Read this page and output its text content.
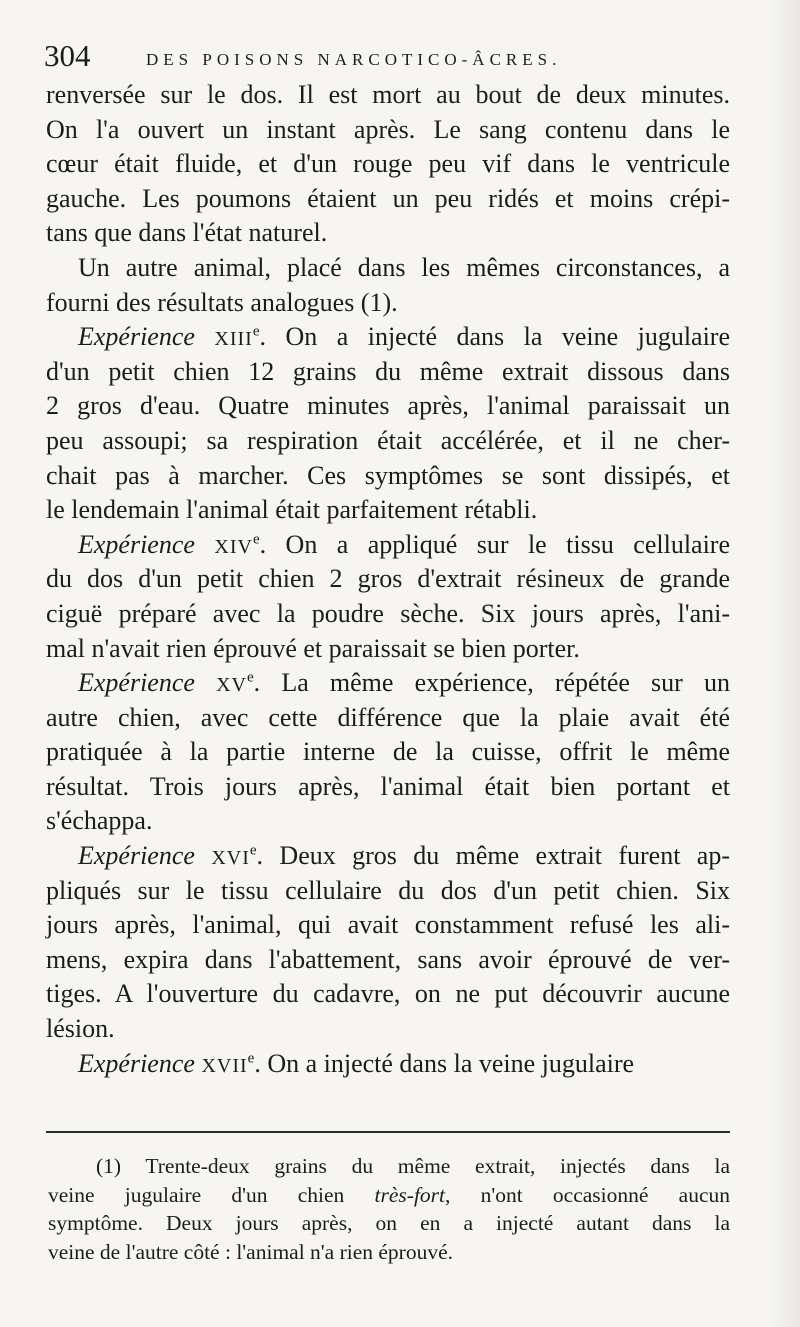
304	DES POISONS NARCOTICO-ÂCRES.
renversée sur le dos. Il est mort au bout de deux minutes.
On l'a ouvert un instant après. Le sang contenu dans le
cœur était fluide, et d'un rouge peu vif dans le ventricule
gauche. Les poumons étaient un peu ridés et moins crépi-
tans que dans l'état naturel.
Un autre animal, placé dans les mêmes circonstances, a
fourni des résultats analogues (1).
Expérience XIIIe. On a injecté dans la veine jugulaire
d'un petit chien 12 grains du même extrait dissous dans
2 gros d'eau. Quatre minutes après, l'animal paraissait un
peu assoupi; sa respiration était accélérée, et il ne cher-
chait pas à marcher. Ces symptômes se sont dissipés, et
le lendemain l'animal était parfaitement rétabli.
Expérience XIVe. On a appliqué sur le tissu cellulaire
du dos d'un petit chien 2 gros d'extrait résineux de grande
ciguë préparé avec la poudre sèche. Six jours après, l'ani-
mal n'avait rien éprouvé et paraissait se bien porter.
Expérience XVe. La même expérience, répétée sur un
autre chien, avec cette différence que la plaie avait été
pratiquée à la partie interne de la cuisse, offrit le même
résultat. Trois jours après, l'animal était bien portant et
s'échappa.
Expérience XVIe. Deux gros du même extrait furent ap-
pliqués sur le tissu cellulaire du dos d'un petit chien. Six
jours après, l'animal, qui avait constamment refusé les ali-
mens, expira dans l'abattement, sans avoir éprouvé de ver-
tiges. A l'ouverture du cadavre, on ne put découvrir aucune
lésion.
Expérience XVIIe. On a injecté dans la veine jugulaire
(1) Trente-deux grains du même extrait, injectés dans la
veine jugulaire d'un chien très-fort, n'ont occasionné aucun
symptôme. Deux jours après, on en a injecté autant dans la
veine de l'autre côté : l'animal n'a rien éprouvé.
